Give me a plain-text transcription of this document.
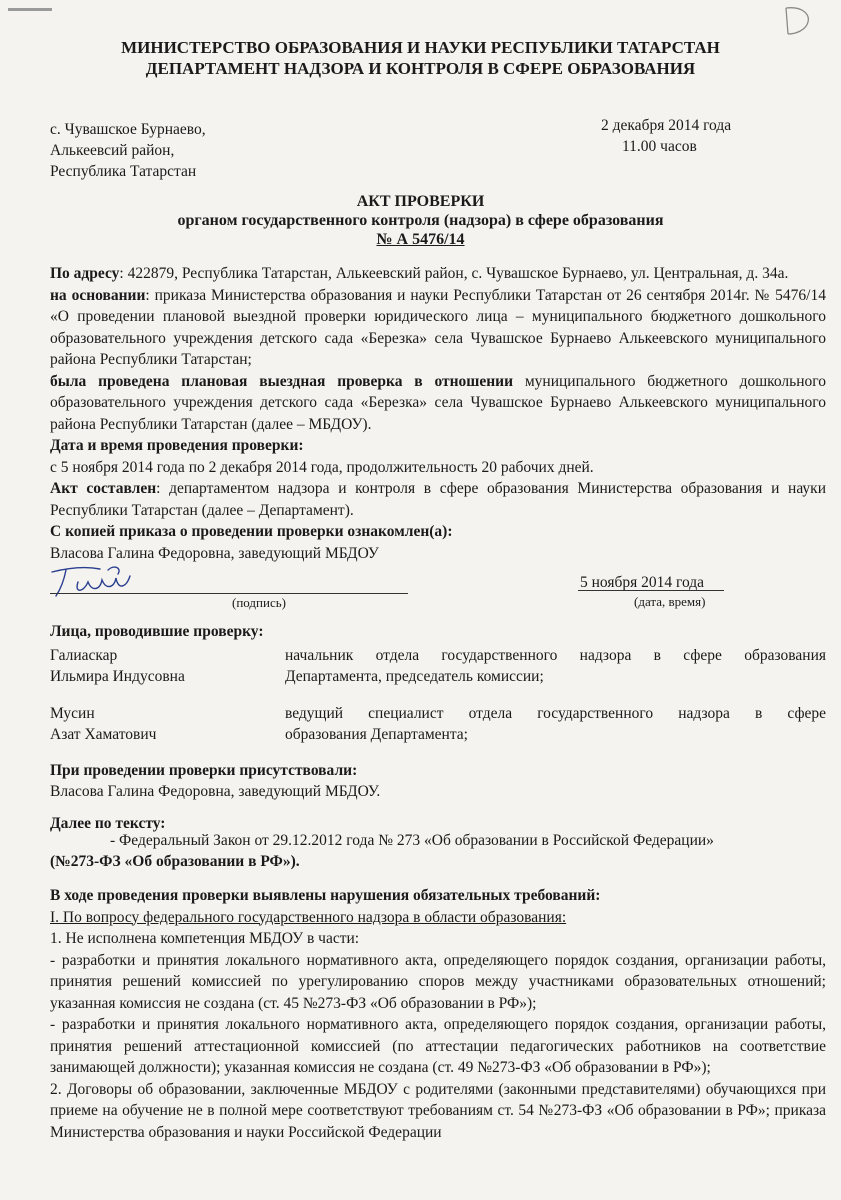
МИНИСТЕРСТВО ОБРАЗОВАНИЯ И НАУКИ РЕСПУБЛИКИ ТАТАРСТАН
ДЕПАРТАМЕНТ НАДЗОРА И КОНТРОЛЯ В СФЕРЕ ОБРАЗОВАНИЯ
с. Чувашское Бурнаево,
Алькеевсий район,
Республика Татарстан
2 декабря 2014 года
11.00 часов
АКТ ПРОВЕРКИ
органом государственного контроля (надзора) в сфере образования
№ А 5476/14

По адресу: 422879, Республика Татарстан, Алькеевский район, с. Чувашское Бурнаево, ул. Центральная, д. 34а.

на основании: приказа Министерства образования и науки Республики Татарстан от 26 сентября 2014г. № 5476/14 «О проведении плановой выездной проверки юридического лица – муниципального бюджетного дошкольного образовательного учреждения детского сада «Березка» села Чувашское Бурнаево Алькеевского муниципального района Республики Татарстан;

была проведена плановая выездная проверка в отношении муниципального бюджетного дошкольного образовательного учреждения детского сада «Березка» села Чувашское Бурнаево Алькеевского муниципального района Республики Татарстан (далее – МБДОУ).

Дата и время проведения проверки:

с 5 ноября 2014 года по 2 декабря 2014 года, продолжительность 20 рабочих дней.

Акт составлен: департаментом надзора и контроля в сфере образования Министерства образования и науки Республики Татарстан (далее – Департамент).

С копией приказа о проведении проверки ознакомлен(а):

Власова Галина Федоровна, заведующий МБДОУ

(подпись)
5 ноября 2014 года
(дата, время)
Лица, проводившие проверку:
Галиаскар
Ильмира Индусовна
начальник отдела государственного надзора в сфере образования
Департамента, председатель комиссии;
Мусин
Азат Хаматович
ведущий специалист отдела государственного надзора в сфере
образования Департамента;
При проведении проверки присутствовали:
Власова Галина Федоровна, заведующий МБДОУ.
Далее по тексту:
- Федеральный Закон от 29.12.2012 года № 273 «Об образовании в Российской Федерации»
(№273-ФЗ «Об образовании в РФ»).

В ходе проведения проверки выявлены нарушения обязательных требований:

I. По вопросу федерального государственного надзора в области образования:

1. Не исполнена компетенция МБДОУ в части:

- разработки и принятия локального нормативного акта, определяющего порядок создания, организации работы, принятия решений комиссией по урегулированию споров между участниками образовательных отношений; указанная комиссия не создана (ст. 45 №273-ФЗ «Об образовании в РФ»);

- разработки и принятия локального нормативного акта, определяющего порядок создания, организации работы, принятия решений аттестационной комиссией (по аттестации педагогических работников на соответствие занимающей должности); указанная комиссия не создана (ст. 49 №273-ФЗ «Об образовании в РФ»);

2. Договоры об образовании, заключенные МБДОУ с родителями (законными представителями) обучающихся при приеме на обучение не в полной мере соответствуют требованиям ст. 54 №273-ФЗ «Об образовании в РФ»; приказа Министерства образования и науки Российской Федерации
